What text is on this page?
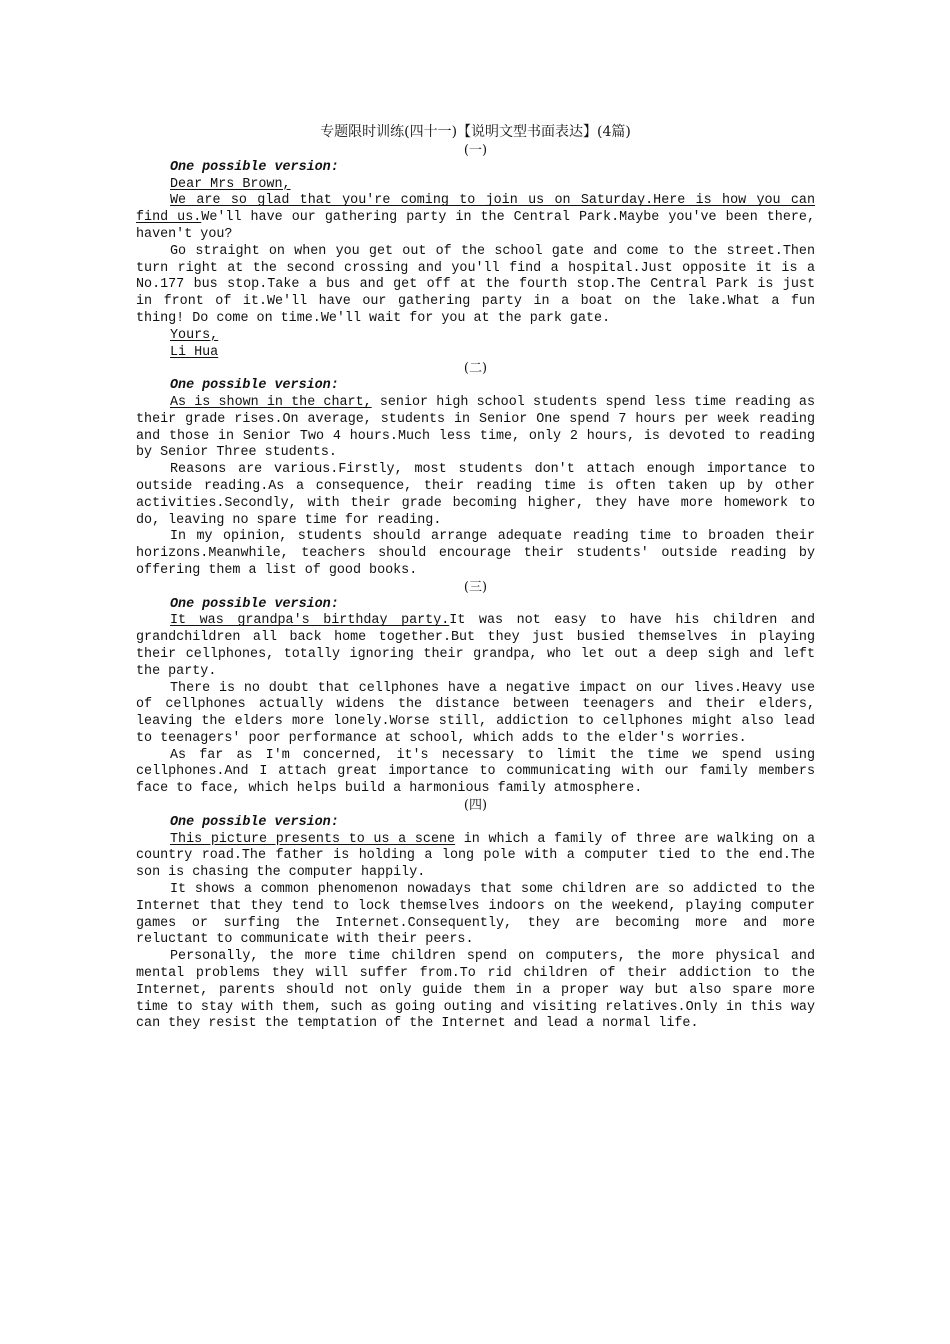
专题限时训练(四十一)【说明文型书面表达】(4篇)
(一)
One possible version:
Dear Mrs Brown,

We are so glad that you're coming to join us on Saturday.Here is how you can find us.We'll have our gathering party in the Central Park.Maybe you've been there, haven't you?

Go straight on when you get out of the school gate and come to the street.Then turn right at the second crossing and you'll find a hospital.Just opposite it is a No.177 bus stop.Take a bus and get off at the fourth stop.The Central Park is just in front of it.We'll have our gathering party in a boat on the lake.What a fun thing! Do come on time.We'll wait for you at the park gate.

Yours,
Li Hua
(二)
One possible version:

As is shown in the chart, senior high school students spend less time reading as their grade rises.On average, students in Senior One spend 7 hours per week reading and those in Senior Two 4 hours.Much less time, only 2 hours, is devoted to reading by Senior Three students.

Reasons are various.Firstly, most students don't attach enough importance to outside reading.As a consequence, their reading time is often taken up by other activities.Secondly, with their grade becoming higher, they have more homework to do, leaving no spare time for reading.

In my opinion, students should arrange adequate reading time to broaden their horizons.Meanwhile, teachers should encourage their students' outside reading by offering them a list of good books.

(三)
One possible version:

It was grandpa's birthday party.It was not easy to have his children and grandchildren all back home together.But they just busied themselves in playing their cellphones, totally ignoring their grandpa, who let out a deep sigh and left the party.

There is no doubt that cellphones have a negative impact on our lives.Heavy use of cellphones actually widens the distance between teenagers and their elders, leaving the elders more lonely.Worse still, addiction to cellphones might also lead to teenagers' poor performance at school, which adds to the elder's worries.

As far as I'm concerned, it's necessary to limit the time we spend using cellphones.And I attach great importance to communicating with our family members face to face, which helps build a harmonious family atmosphere.

(四)
One possible version:

This picture presents to us a scene in which a family of three are walking on a country road.The father is holding a long pole with a computer tied to the end.The son is chasing the computer happily.

It shows a common phenomenon nowadays that some children are so addicted to the Internet that they tend to lock themselves indoors on the weekend, playing computer games or surfing the Internet.Consequently, they are becoming more and more reluctant to communicate with their peers.

Personally, the more time children spend on computers, the more physical and mental problems they will suffer from.To rid children of their addiction to the Internet, parents should not only guide them in a proper way but also spare more time to stay with them, such as going outing and visiting relatives.Only in this way can they resist the temptation of the Internet and lead a normal life.
